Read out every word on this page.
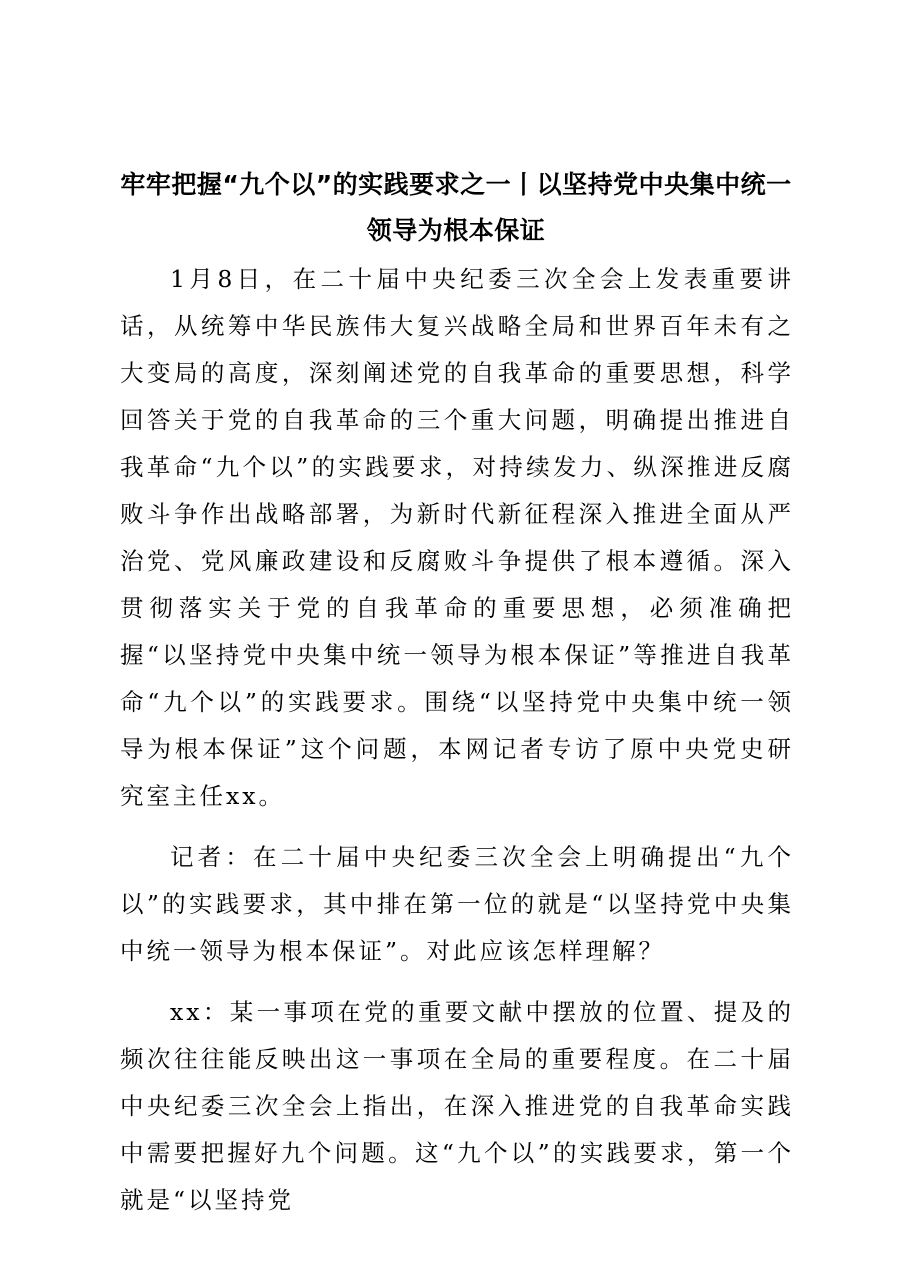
牢牢把握“九个以”的实践要求之一丨以坚持党中央集中统一领导为根本保证

1月8日，在二十届中央纪委三次全会上发表重要讲话，从统筹中华民族伟大复兴战略全局和世界百年未有之大变局的高度，深刻阐述党的自我革命的重要思想，科学回答关于党的自我革命的三个重大问题，明确提出推进自我革命“九个以”的实践要求，对持续发力、纵深推进反腐败斗争作出战略部署，为新时代新征程深入推进全面从严治党、党风廉政建设和反腐败斗争提供了根本遵循。深入贯彻落实关于党的自我革命的重要思想，必须准确把握“以坚持党中央集中统一领导为根本保证”等推进自我革命“九个以”的实践要求。围绕“以坚持党中央集中统一领导为根本保证”这个问题，本网记者专访了原中央党史研究室主任xx。

记者：在二十届中央纪委三次全会上明确提出“九个以”的实践要求，其中排在第一位的就是“以坚持党中央集中统一领导为根本保证”。对此应该怎样理解？

xx：某一事项在党的重要文献中摆放的位置、提及的频次往往能反映出这一事项在全局的重要程度。在二十届中央纪委三次全会上指出，在深入推进党的自我革命实践中需要把握好九个问题。这“九个以”的实践要求，第一个就是“以坚持党
